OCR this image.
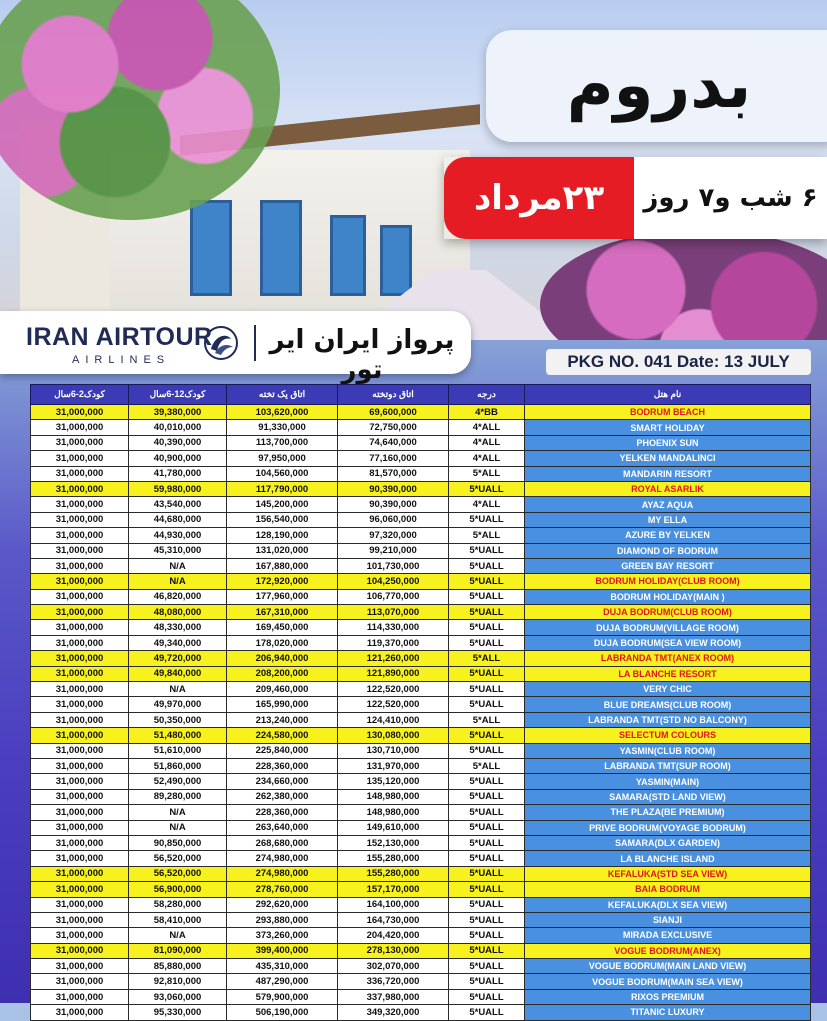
بدروم
۲۳مرداد	۶ شب و۷ روز
IRAN AIRTOUR
AIRLINES
پرواز ایران ایر تور	PKG NO. 041 Date: 13 JULY
کودک2-6سال	کودک12-6سال	اتاق یک تخته	اتاق دوتخته	درجه	نام هتل
31,000,000	39,380,000	103,620,000	69,600,000	4*BB	BODRUM BEACH
31,000,000	40,010,000	91,330,000	72,750,000	4*ALL	SMART HOLIDAY
31,000,000	40,390,000	113,700,000	74,640,000	4*ALL	PHOENIX SUN
31,000,000	40,900,000	97,950,000	77,160,000	4*ALL	YELKEN MANDALINCI
31,000,000	41,780,000	104,560,000	81,570,000	5*ALL	MANDARIN RESORT
31,000,000	59,980,000	117,790,000	90,390,000	5*UALL	ROYAL ASARLIK
31,000,000	43,540,000	145,200,000	90,390,000	4*ALL	AYAZ AQUA
31,000,000	44,680,000	156,540,000	96,060,000	5*UALL	MY ELLA
31,000,000	44,930,000	128,190,000	97,320,000	5*ALL	AZURE BY YELKEN
31,000,000	45,310,000	131,020,000	99,210,000	5*UALL	DIAMOND OF BODRUM
31,000,000	N/A	167,880,000	101,730,000	5*UALL	GREEN BAY RESORT
31,000,000	N/A	172,920,000	104,250,000	5*UALL	BODRUM HOLIDAY(CLUB ROOM)
31,000,000	46,820,000	177,960,000	106,770,000	5*UALL	BODRUM HOLIDAY(MAIN )
31,000,000	48,080,000	167,310,000	113,070,000	5*UALL	DUJA BODRUM(CLUB ROOM)
31,000,000	48,330,000	169,450,000	114,330,000	5*UALL	DUJA BODRUM(VILLAGE ROOM)
31,000,000	49,340,000	178,020,000	119,370,000	5*UALL	DUJA BODRUM(SEA VIEW ROOM)
31,000,000	49,720,000	206,940,000	121,260,000	5*ALL	LABRANDA TMT(ANEX ROOM)
31,000,000	49,840,000	208,200,000	121,890,000	5*UALL	LA BLANCHE RESORT
31,000,000	N/A	209,460,000	122,520,000	5*UALL	VERY CHIC
31,000,000	49,970,000	165,990,000	122,520,000	5*UALL	BLUE DREAMS(CLUB ROOM)
31,000,000	50,350,000	213,240,000	124,410,000	5*ALL	LABRANDA TMT(STD NO BALCONY)
31,000,000	51,480,000	224,580,000	130,080,000	5*UALL	SELECTUM COLOURS
31,000,000	51,610,000	225,840,000	130,710,000	5*UALL	YASMIN(CLUB ROOM)
31,000,000	51,860,000	228,360,000	131,970,000	5*ALL	LABRANDA TMT(SUP ROOM)
31,000,000	52,490,000	234,660,000	135,120,000	5*UALL	YASMIN(MAIN)
31,000,000	89,280,000	262,380,000	148,980,000	5*UALL	SAMARA(STD LAND VIEW)
31,000,000	N/A	228,360,000	148,980,000	5*UALL	THE PLAZA(BE PREMIUM)
31,000,000	N/A	263,640,000	149,610,000	5*UALL	PRIVE BODRUM(VOYAGE BODRUM)
31,000,000	90,850,000	268,680,000	152,130,000	5*UALL	SAMARA(DLX GARDEN)
31,000,000	56,520,000	274,980,000	155,280,000	5*UALL	LA BLANCHE ISLAND
31,000,000	56,520,000	274,980,000	155,280,000	5*UALL	KEFALUKA(STD SEA VIEW)
31,000,000	56,900,000	278,760,000	157,170,000	5*UALL	BAIA BODRUM
31,000,000	58,280,000	292,620,000	164,100,000	5*UALL	KEFALUKA(DLX SEA VIEW)
31,000,000	58,410,000	293,880,000	164,730,000	5*UALL	SIANJI
31,000,000	N/A	373,260,000	204,420,000	5*UALL	MIRADA EXCLUSIVE
31,000,000	81,090,000	399,400,000	278,130,000	5*UALL	VOGUE BODRUM(ANEX)
31,000,000	85,880,000	435,310,000	302,070,000	5*UALL	VOGUE BODRUM(MAIN LAND VIEW)
31,000,000	92,810,000	487,290,000	336,720,000	5*UALL	VOGUE BODRUM(MAIN SEA VIEW)
31,000,000	93,060,000	579,900,000	337,980,000	5*UALL	RIXOS PREMIUM
31,000,000	95,330,000	506,190,000	349,320,000	5*UALL	TITANIC LUXURY
